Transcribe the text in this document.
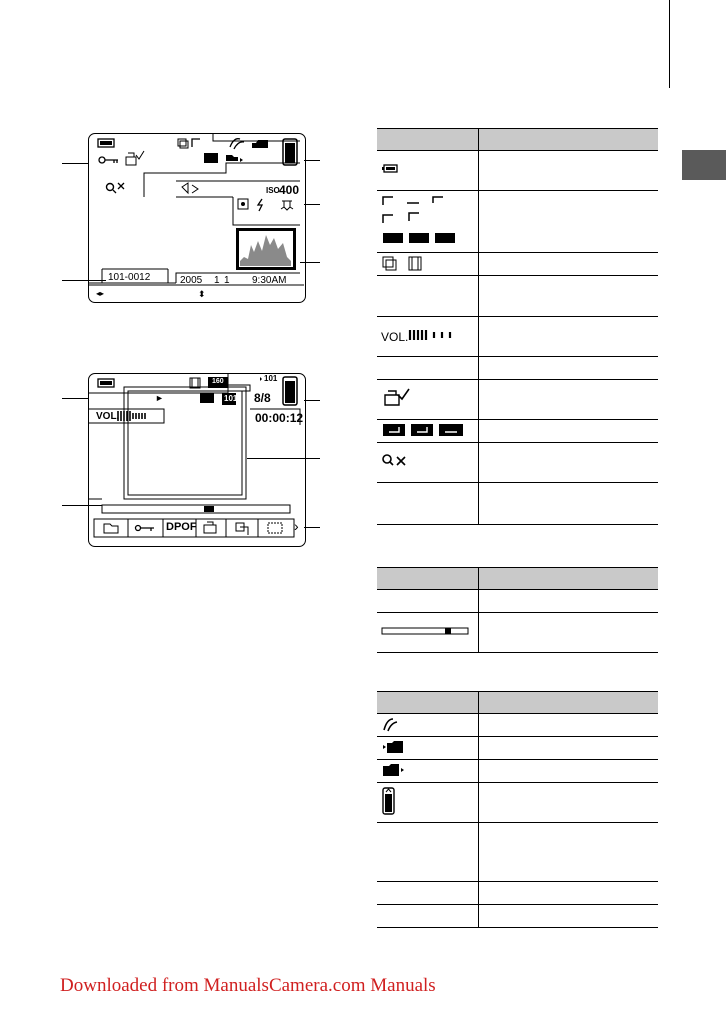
101-0012	2005 1 1 9:30AM
ISO 400
◂▸	⬍
160	101
101 8/8
►
VOL.	00:00:12
DPOF	›

VOL.	

Downloaded from ManualsCamera.com Manuals
